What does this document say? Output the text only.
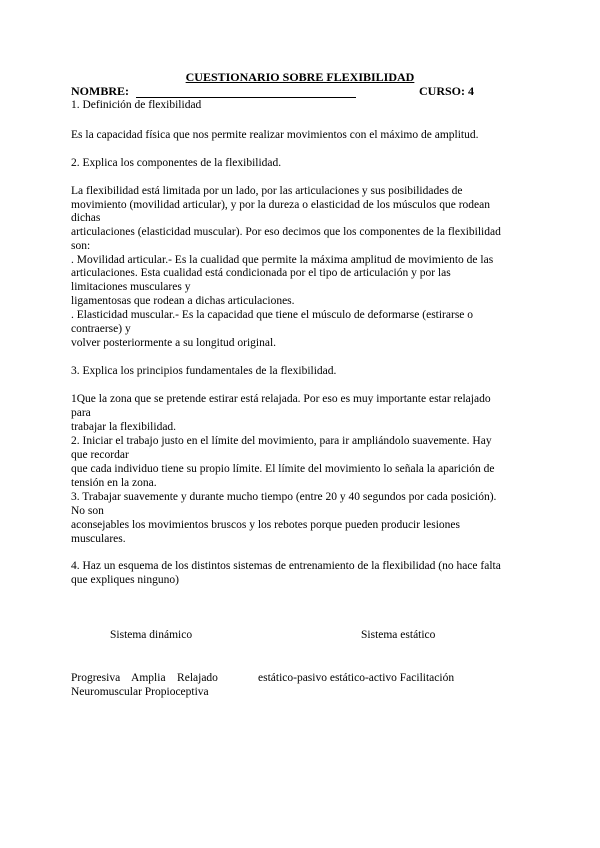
CUESTIONARIO SOBRE FLEXIBILIDAD
NOMBRE:	CURSO: 4
1. Definición de flexibilidad
Es la capacidad física que nos permite realizar movimientos con el máximo de amplitud.
2. Explica los componentes de la flexibilidad.
La flexibilidad está limitada por un lado, por las articulaciones y sus posibilidades de
movimiento (movilidad articular), y por la dureza o elasticidad de los músculos que rodean
dichas
articulaciones (elasticidad muscular). Por eso decimos que los componentes de la flexibilidad
son:
. Movilidad articular.- Es la cualidad que permite la máxima amplitud de movimiento de las
articulaciones. Esta cualidad está condicionada por el tipo de articulación y por las
limitaciones musculares y
ligamentosas que rodean a dichas articulaciones.
. Elasticidad muscular.- Es la capacidad que tiene el músculo de deformarse (estirarse o
contraerse) y
volver posteriormente a su longitud original.
3. Explica los principios fundamentales de la flexibilidad.
1Que la zona que se pretende estirar está relajada. Por eso es muy importante estar relajado
para
trabajar la flexibilidad.
2. Iniciar el trabajo justo en el límite del movimiento, para ir ampliándolo suavemente. Hay
que recordar
que cada individuo tiene su propio límite. El límite del movimiento lo señala la aparición de
tensión en la zona.
3. Trabajar suavemente y durante mucho tiempo (entre 20 y 40 segundos por cada posición).
No son
aconsejables los movimientos bruscos y los rebotes porque pueden producir lesiones
musculares.
4. Haz un esquema de los distintos sistemas de entrenamiento de la flexibilidad (no hace falta
que expliques ninguno)
Sistema dinámico	Sistema estático
Progresiva    Amplia    Relajado	estático-pasivo estático-activo Facilitación
Neuromuscular Propioceptiva
